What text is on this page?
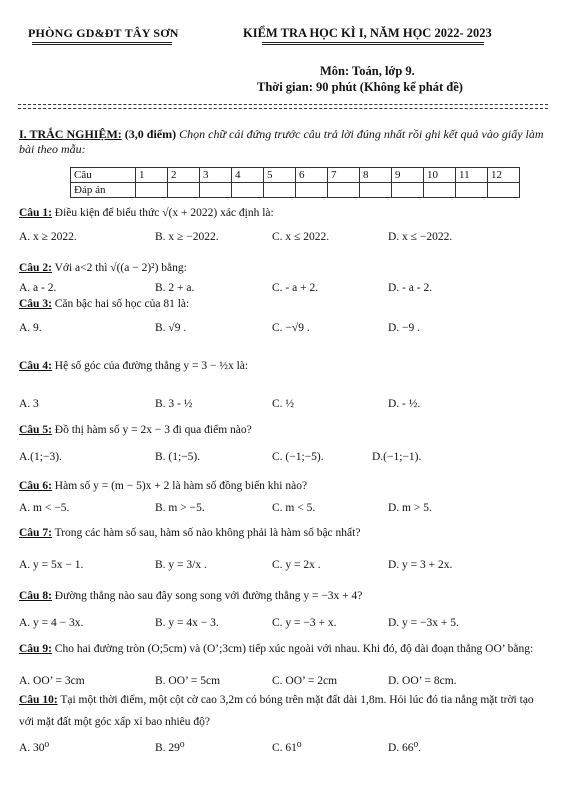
PHÒNG GD&ĐT TÂY SƠN	KIỂM TRA HỌC KÌ I, NĂM HỌC 2022- 2023
Môn: Toán, lớp 9.
Thời gian: 90 phút (Không kể phát đề)
I. TRẮC NGHIỆM: (3,0 điểm) Chọn chữ cái đứng trước câu trả lời đúng nhất rồi ghi kết quả vào giấy làm bài theo mẫu:
Câu	1	2	3	4	5	6	7	8	9	10	11	12
Đáp án												
Câu 1: Điều kiện để biểu thức √(x + 2022) xác định là:
A. x ≥ 2022.	B. x ≥ −2022.	C. x ≤ 2022.	D. x ≤ −2022.
Câu 2: Với a<2 thì √((a − 2)²) bằng:
A. a - 2.	B. 2 + a.	C. - a + 2.	D. - a - 2.
Câu 3: Căn bậc hai số học của 81 là:
A. 9.	B. √9 .	C. −√9 .	D. −9 .
Câu 4: Hệ số góc của đường thẳng y = 3 − ½x là:
A. 3	B. 3 - ½	C. ½	D. - ½.
Câu 5: Đồ thị hàm số y = 2x − 3 đi qua điểm nào?
A.(1;−3).	B. (1;−5).	C. (−1;−5).	D.(−1;−1).
Câu 6: Hàm số y = (m − 5)x + 2 là hàm số đồng biến khi nào?
A. m < −5.	B. m > −5.	C. m < 5.	D. m > 5.
Câu 7: Trong các hàm số sau, hàm số nào không phải là hàm số bậc nhất?
A. y = 5x − 1.	B. y = 3/x .	C. y = 2x .	D. y = 3 + 2x.
Câu 8: Đường thẳng nào sau đây song song với đường thẳng y = −3x + 4?
A. y = 4 − 3x.	B. y = 4x − 3.	C. y = −3 + x.	D. y = −3x + 5.
Câu 9: Cho hai đường tròn (O;5cm) và (O’;3cm) tiếp xúc ngoài với nhau. Khi đó, độ dài đoạn thẳng OO’ bằng:
A. OO’ = 3cm	B. OO’ = 5cm	C. OO’ = 2cm	D. OO’ = 8cm.
Câu 10: Tại một thời điểm, một cột cờ cao 3,2m có bóng trên mặt đất dài 1,8m. Hỏi lúc đó tia nắng mặt trời tạo với mặt đất một góc xấp xỉ bao nhiêu độ?
A. 30⁰	B. 29⁰	C. 61⁰	D. 66⁰.
